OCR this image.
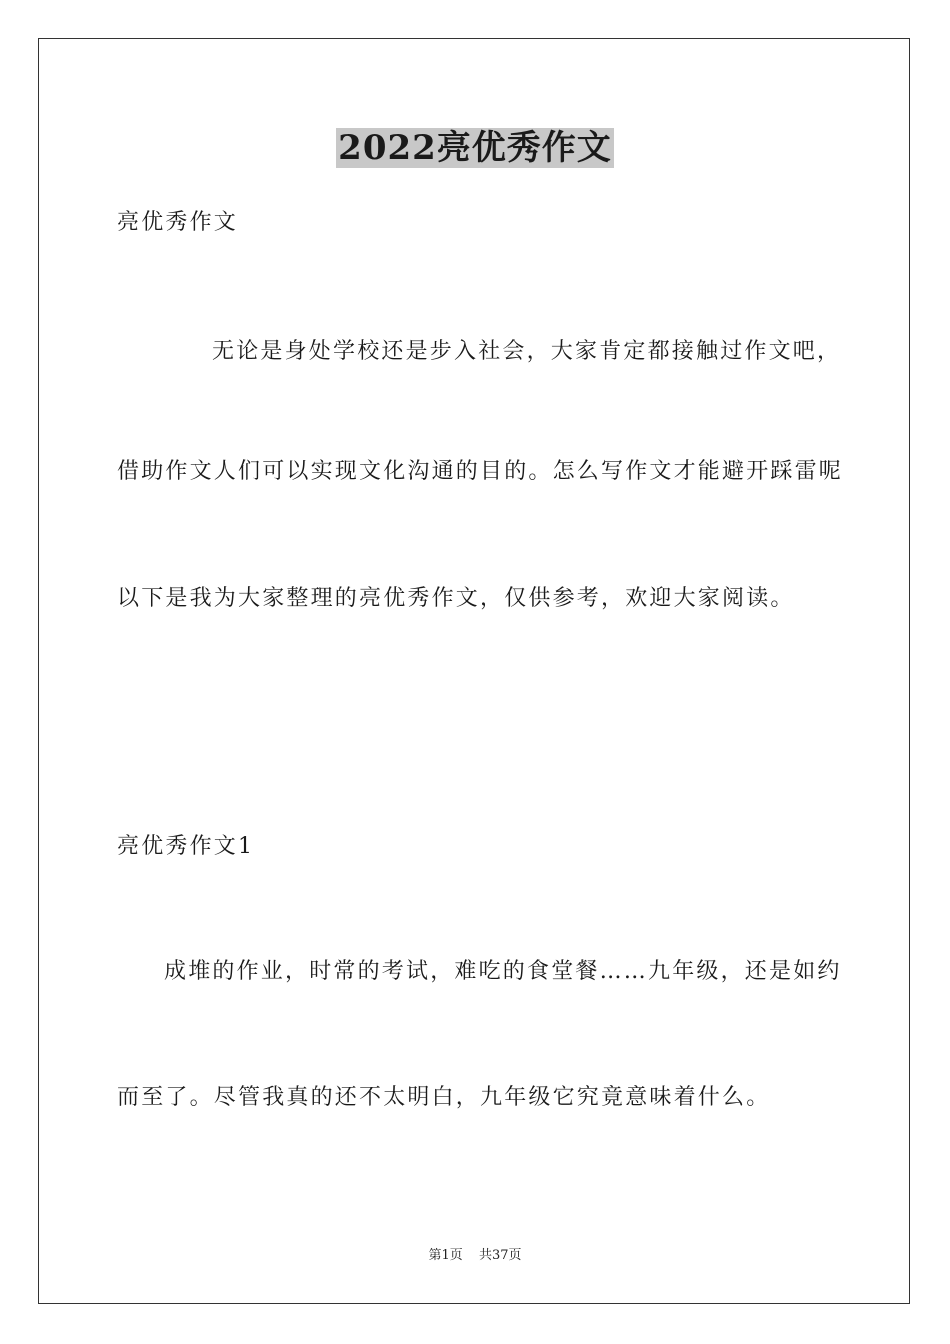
2022亮优秀作文

亮优秀作文

无论是身处学校还是步入社会，大家肯定都接触过作文吧，

借助作文人们可以实现文化沟通的目的。怎么写作文才能避开踩雷呢

以下是我为大家整理的亮优秀作文，仅供参考，欢迎大家阅读。

亮优秀作文1

成堆的作业，时常的考试，难吃的食堂餐……九年级，还是如约

而至了。尽管我真的还不太明白，九年级它究竟意味着什么。

第1页 共37页
